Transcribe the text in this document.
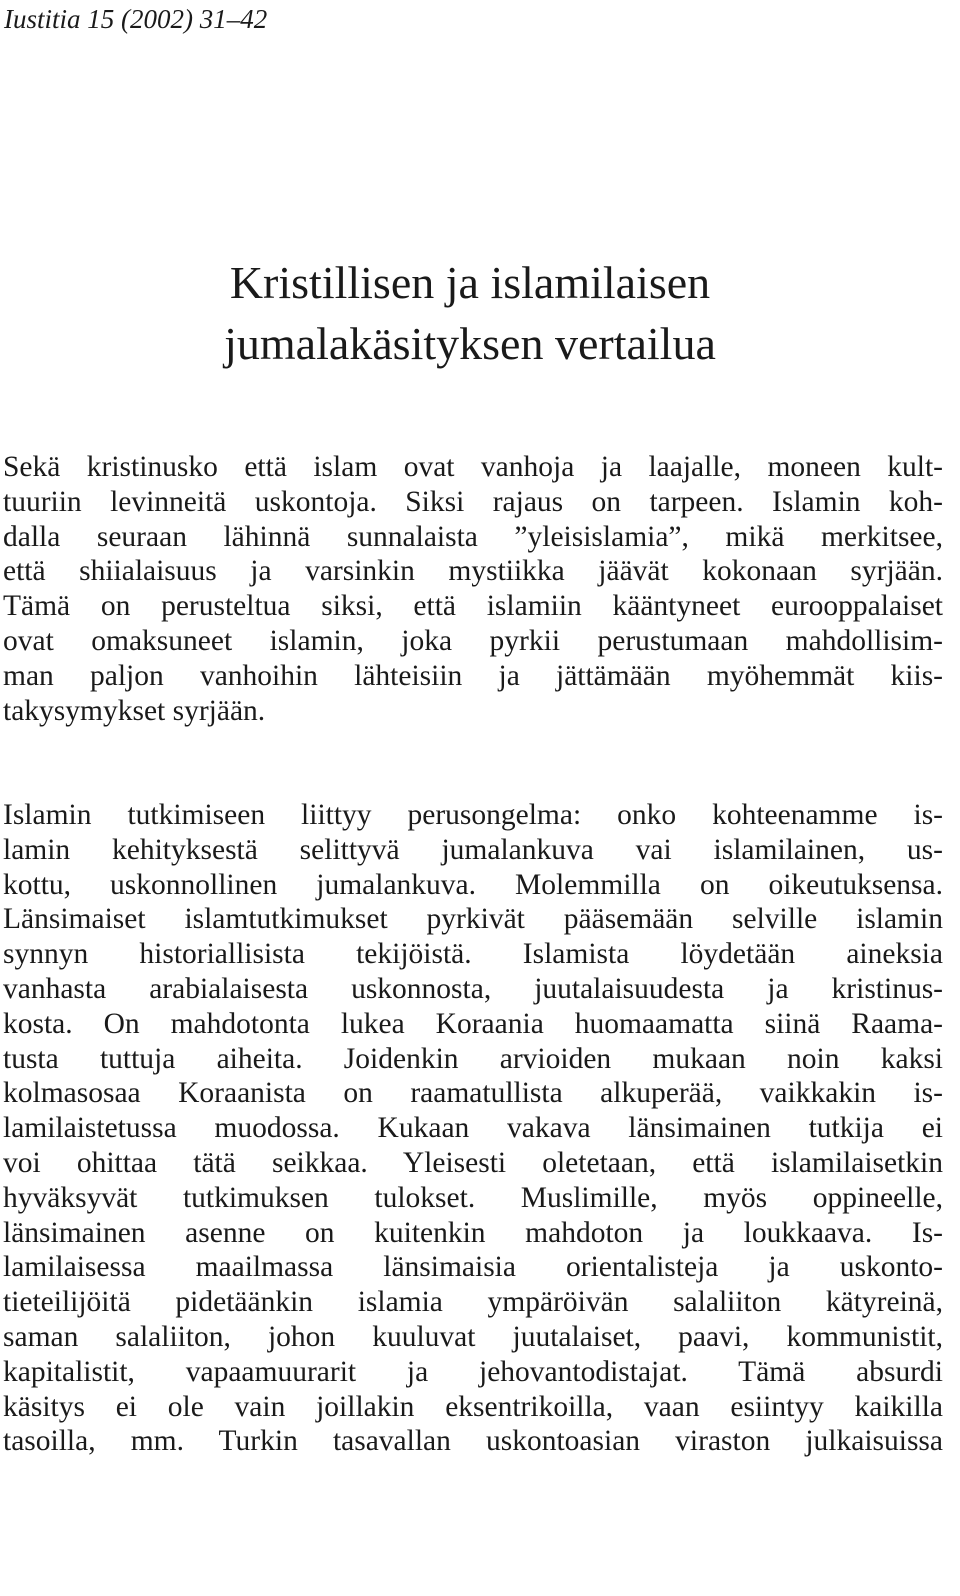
Iustitia 15 (2002) 31–42
Kristillisen ja islamilaisen
jumalakäsityksen vertailua
Sekä kristinusko että islam ovat vanhoja ja laajalle, moneen kult-
tuuriin levinneitä uskontoja. Siksi rajaus on tarpeen. Islamin koh-
dalla seuraan lähinnä sunnalaista ”yleisislamia”, mikä merkitsee,
että shiialaisuus ja varsinkin mystiikka jäävät kokonaan syrjään.
Tämä on perusteltua siksi, että islamiin kääntyneet eurooppalaiset
ovat omaksuneet islamin, joka pyrkii perustumaan mahdollisim-
man paljon vanhoihin lähteisiin ja jättämään myöhemmät kiis-
takysymykset syrjään.
Islamin tutkimiseen liittyy perusongelma: onko kohteenamme is-
lamin kehityksestä selittyvä jumalankuva vai islamilainen, us-
kottu, uskonnollinen jumalankuva. Molemmilla on oikeutuksensa.
Länsimaiset islamtutkimukset pyrkivät pääsemään selville islamin
synnyn historiallisista tekijöistä. Islamista löydetään aineksia
vanhasta arabialaisesta uskonnosta, juutalaisuudesta ja kristinus-
kosta. On mahdotonta lukea Koraania huomaamatta siinä Raama-
tusta tuttuja aiheita. Joidenkin arvioiden mukaan noin kaksi
kolmasosaa Koraanista on raamatullista alkuperää, vaikkakin is-
lamilaistetussa muodossa. Kukaan vakava länsimainen tutkija ei
voi ohittaa tätä seikkaa. Yleisesti oletetaan, että islamilaisetkin
hyväksyvät tutkimuksen tulokset. Muslimille, myös oppineelle,
länsimainen asenne on kuitenkin mahdoton ja loukkaava. Is-
lamilaisessa maailmassa länsimaisia orientalisteja ja uskonto-
tieteilijöitä pidetäänkin islamia ympäröivän salaliiton kätyreinä,
saman salaliiton, johon kuuluvat juutalaiset, paavi, kommunistit,
kapitalistit, vapaamuurarit ja jehovantodistajat. Tämä absurdi
käsitys ei ole vain joillakin eksentrikoilla, vaan esiintyy kaikilla
tasoilla, mm. Turkin tasavallan uskontoasian viraston julkaisuissa
